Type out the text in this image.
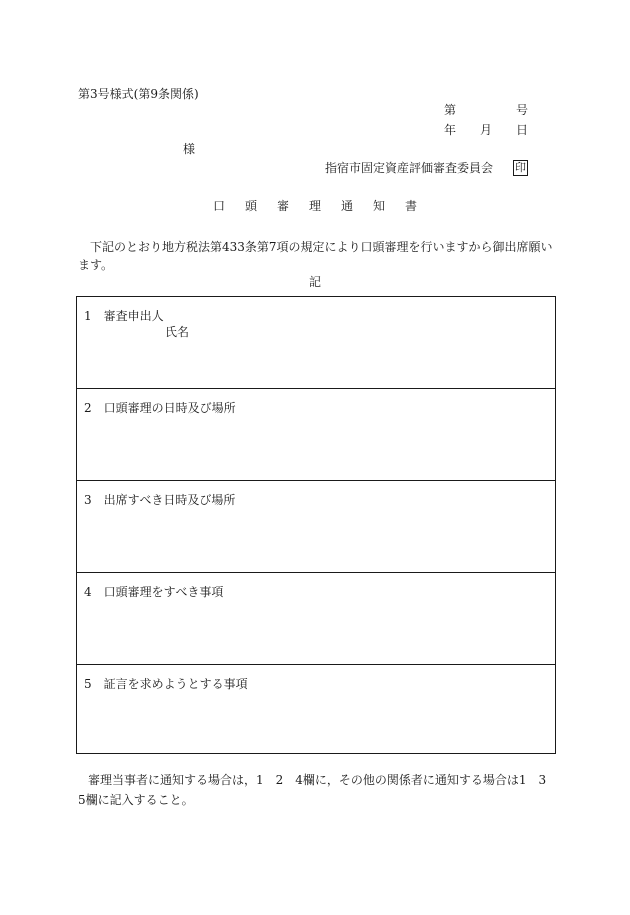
第3号様式(第9条関係)
第	号
年 月 日
様
指宿市固定資産評価審査委員会 印
口頭審理通知書
下記のとおり地方税法第433条第7項の規定により口頭審理を行いますから御出席願います。
記
1　審査申出人
氏名
2　口頭審理の日時及び場所
3　出席すべき日時及び場所
4　口頭審理をすべき事項
5　証言を求めようとする事項
審理当事者に通知する場合は，1　2　4欄に，その他の関係者に通知する場合は1　3　5欄に記入すること。
